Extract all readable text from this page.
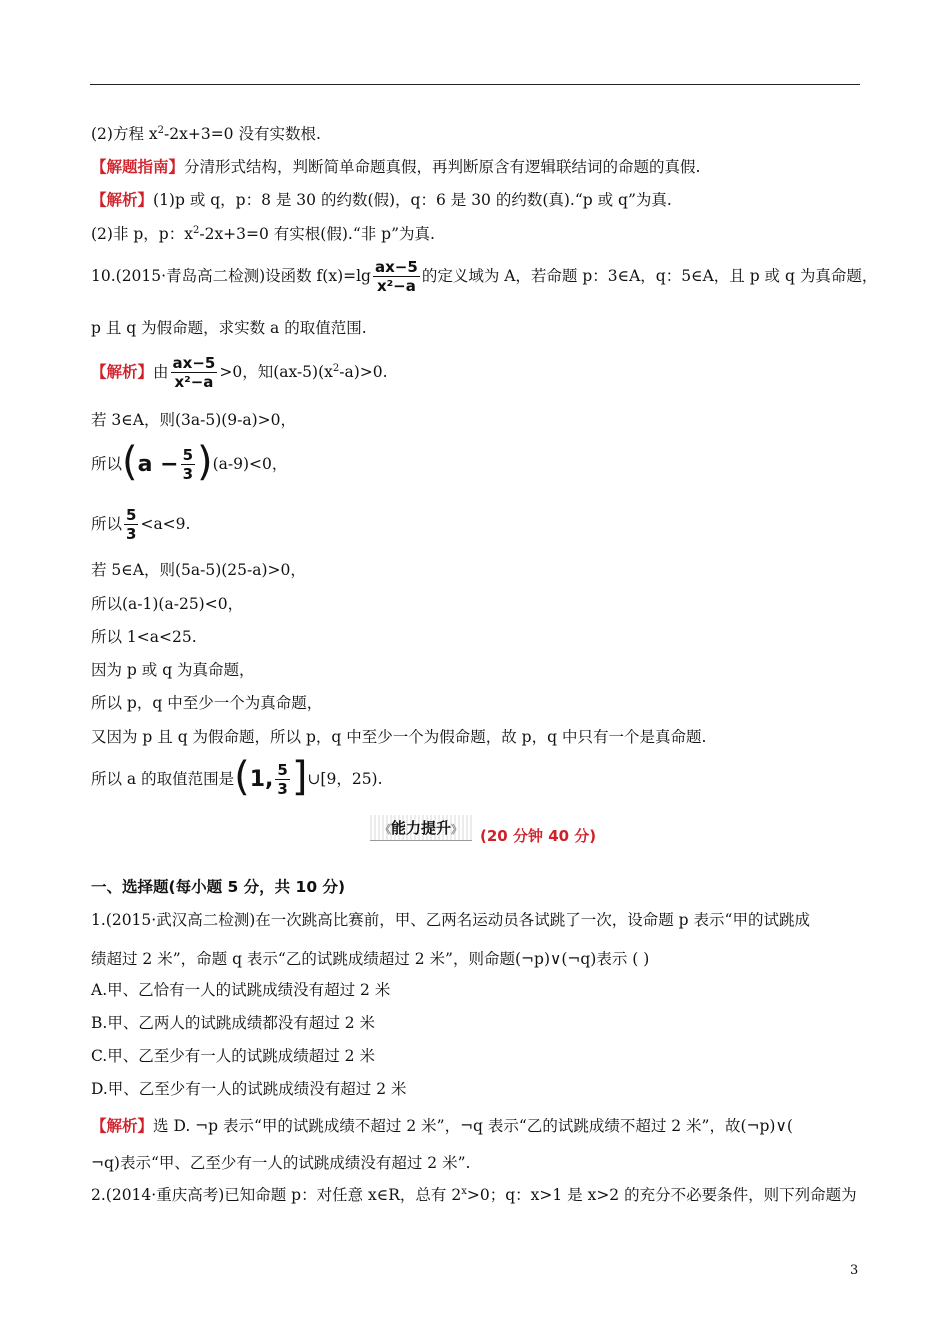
(2)方程 $x^2-2x+3=0$ 没有实数根.
【解题指南】分清形式结构，判断简单命题真假，再判断原含有逻辑联结词的命题的真假.
【解析】(1)p 或 q，p：8 是 30 的约数(假)，q：6 是 30 的约数(真).“p 或 q”为真.
(2)非 p，p：$x^2-2x+3=0$ 有实根(假).“非 p”为真.
10.(2015·青岛高二检测)设函数 $f(x)=\lg \frac{ax-5}{\text{x²−a}}$ 的定义域为 A，若命题 p：3∈A，q：5∈A，且 p 或 q 为真命题，
p 且 q 为假命题，求实数 a 的取值范围.
【解析】由 $\frac{ax-5}{\text{x²−a}} >0$，知$(ax-5)(x^2-a)>0$.
若 3∈A，则(3a-5)(9-a)>0，
所以$(a - \frac{5}{3} )(a-9)<0$，
所以 $\frac{5}{3} <a<9$.
若 5∈A，则(5a-5)(25-a)>0，
所以(a-1)(a-25)<0，
所以 1<a<25.
因为 p 或 q 为真命题，
所以 p，q 中至少一个为真命题，
又因为 p 且 q 为假命题，所以 p，q 中至少一个为假命题，故 p，q 中只有一个是真命题.
所以 a 的取值范围是(1, $\frac{5}{3}$ ]∪[9，25).
《能力提升》 (20 分钟 40 分)
一、选择题(每小题 5 分，共 10 分)
1.(2015·武汉高二检测)在一次跳高比赛前，甲、乙两名运动员各试跳了一次，设命题 p 表示“甲的试跳成
绩超过 2 米”，命题 q 表示“乙的试跳成绩超过 2 米”，则命题(¬p)∨(¬q)表示 ( )
A.甲、乙恰有一人的试跳成绩没有超过 2 米
B.甲、乙两人的试跳成绩都没有超过 2 米
C.甲、乙至少有一人的试跳成绩超过 2 米
D.甲、乙至少有一人的试跳成绩没有超过 2 米
【解析】选 D. ¬p 表示“甲的试跳成绩不超过 2 米”，¬q 表示“乙的试跳成绩不超过 2 米”，故(¬p)∨(
¬q)表示“甲、乙至少有一人的试跳成绩没有超过 2 米”.
2.(2014·重庆高考)已知命题 p：对任意 x∈R，总有 $2^x>0$；q：x>1 是 x>2 的充分不必要条件，则下列命题为
3
